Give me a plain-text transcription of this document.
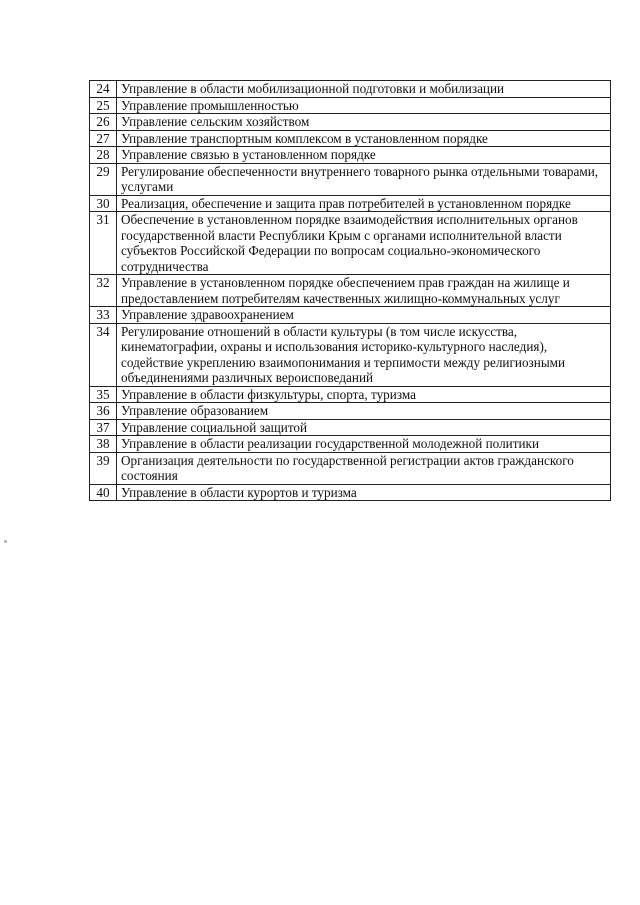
24	Управление в области мобилизационной подготовки и мобилизации
25	Управление промышленностью
26	Управление сельским хозяйством
27	Управление транспортным комплексом в установленном порядке
28	Управление связью в установленном порядке
29	Регулирование обеспеченности внутреннего товарного рынка отдельными товарами, услугами
30	Реализация, обеспечение и защита прав потребителей в установленном порядке
31	Обеспечение в установленном порядке взаимодействия исполнительных органов государственной власти Республики Крым с органами исполнительной власти субъектов Российской Федерации по вопросам социально-экономического сотрудничества
32	Управление в установленном порядке обеспечением прав граждан на жилище и предоставлением потребителям качественных жилищно-коммунальных услуг
33	Управление здравоохранением
34	Регулирование отношений в области культуры (в том числе искусства, кинематографии, охраны и использования историко-культурного наследия), содействие укреплению взаимопонимания и терпимости между религиозными объединениями различных вероисповеданий
35	Управление в области физкультуры, спорта, туризма
36	Управление образованием
37	Управление социальной защитой
38	Управление в области реализации государственной молодежной политики
39	Организация деятельности по государственной регистрации актов гражданского состояния
40	Управление в области курортов и туризма
